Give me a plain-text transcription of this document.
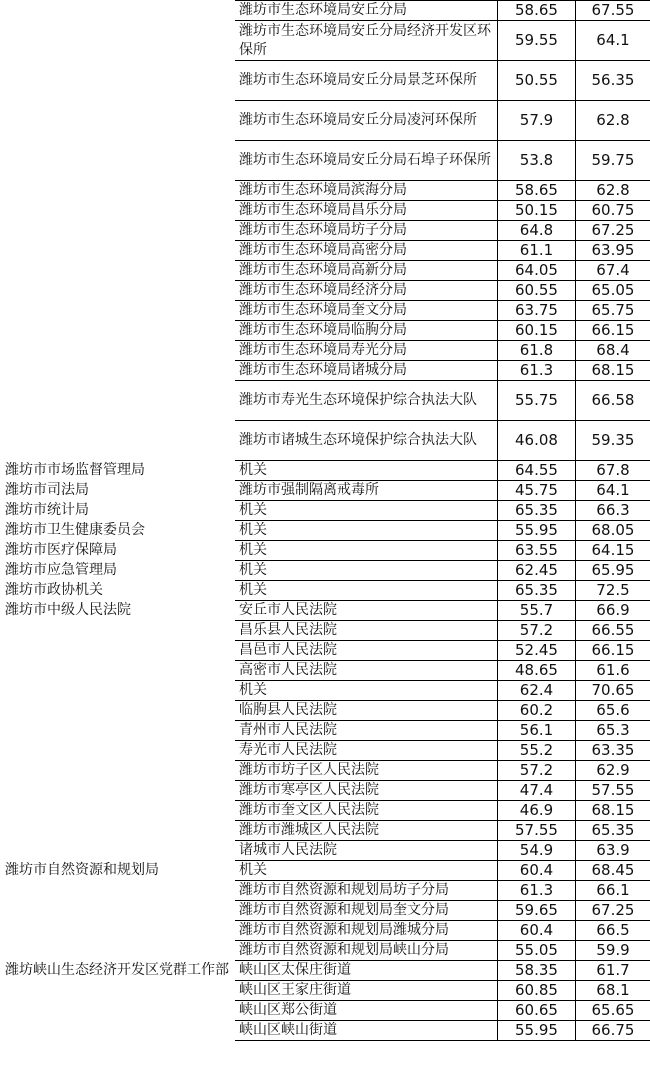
	潍坊市生态环境局安丘分局	58.65	67.55
	潍坊市生态环境局安丘分局经济开发区环保所	59.55	64.1
	潍坊市生态环境局安丘分局景芝环保所	50.55	56.35
	潍坊市生态环境局安丘分局凌河环保所	57.9	62.8
	潍坊市生态环境局安丘分局石埠子环保所	53.8	59.75
	潍坊市生态环境局滨海分局	58.65	62.8
	潍坊市生态环境局昌乐分局	50.15	60.75
	潍坊市生态环境局坊子分局	64.8	67.25
	潍坊市生态环境局高密分局	61.1	63.95
	潍坊市生态环境局高新分局	64.05	67.4
	潍坊市生态环境局经济分局	60.55	65.05
	潍坊市生态环境局奎文分局	63.75	65.75
	潍坊市生态环境局临朐分局	60.15	66.15
	潍坊市生态环境局寿光分局	61.8	68.4
	潍坊市生态环境局诸城分局	61.3	68.15
	潍坊市寿光生态环境保护综合执法大队	55.75	66.58
	潍坊市诸城生态环境保护综合执法大队	46.08	59.35
潍坊市市场监督管理局	机关	64.55	67.8
潍坊市司法局	潍坊市强制隔离戒毒所	45.75	64.1
潍坊市统计局	机关	65.35	66.3
潍坊市卫生健康委员会	机关	55.95	68.05
潍坊市医疗保障局	机关	63.55	64.15
潍坊市应急管理局	机关	62.45	65.95
潍坊市政协机关	机关	65.35	72.5
潍坊市中级人民法院	安丘市人民法院	55.7	66.9
	昌乐县人民法院	57.2	66.55
	昌邑市人民法院	52.45	66.15
	高密市人民法院	48.65	61.6
	机关	62.4	70.65
	临朐县人民法院	60.2	65.6
	青州市人民法院	56.1	65.3
	寿光市人民法院	55.2	63.35
	潍坊市坊子区人民法院	57.2	62.9
	潍坊市寒亭区人民法院	47.4	57.55
	潍坊市奎文区人民法院	46.9	68.15
	潍坊市潍城区人民法院	57.55	65.35
	诸城市人民法院	54.9	63.9
潍坊市自然资源和规划局	机关	60.4	68.45
	潍坊市自然资源和规划局坊子分局	61.3	66.1
	潍坊市自然资源和规划局奎文分局	59.65	67.25
	潍坊市自然资源和规划局潍城分局	60.4	66.5
	潍坊市自然资源和规划局峡山分局	55.05	59.9
潍坊峡山生态经济开发区党群工作部	峡山区太保庄街道	58.35	61.7
	峡山区王家庄街道	60.85	68.1
	峡山区郑公街道	60.65	65.65
	峡山区峡山街道	55.95	66.75
